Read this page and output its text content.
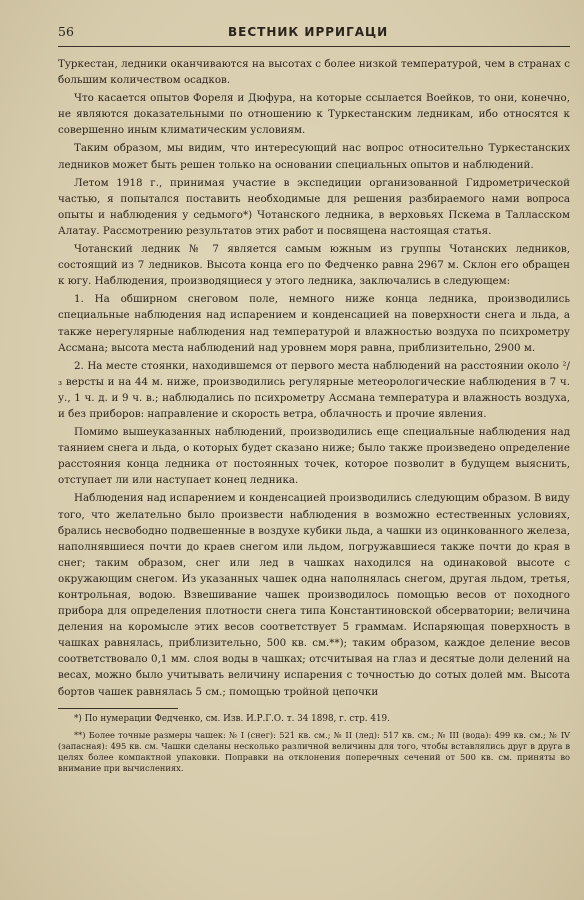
56	ВЕСТНИК ИРРИГАЦИ

Туркестан, ледники оканчиваются на высотах с более низкой температурой, чем в странах с большим количеством осадков.

Что касается опытов Фореля и Дюфура, на которые ссылается Воейков, то они, конечно, не являются доказательными по отношению к Туркестанским ледникам, ибо относятся к совершенно иным климатическим условиям.

Таким образом, мы видим, что интересующий нас вопрос относительно Туркестанских ледников может быть решен только на основании специальных опытов и наблюдений.

Летом 1918 г., принимая участие в экспедиции организованной Гидрометрической частью, я попытался поставить необходимые для решения разбираемого нами вопроса опыты и наблюдения у седьмого*) Чотанского ледника, в верховьях Пскема в Талласском Алатау. Рассмотрению результатов этих работ и посвящена настоящая статья.

Чотанский ледник № 7 является самым южным из группы Чотанских ледников, состоящий из 7 ледников. Высота конца его по Федченко равна 2967 м. Склон его обращен к югу. Наблюдения, производящиеся у этого ледника, заключались в следующем:

1. На обширном снеговом поле, немного ниже конца ледника, производились специальные наблюдения над испарением и конденсацией на поверхности снега и льда, а также нерегулярные наблюдения над температурой и влажностью воздуха по психрометру Ассмана; высота места наблюдений над уровнем моря равна, приблизительно, 2900 м.

2. На месте стоянки, находившемся от первого места наблюдений на расстоянии около ²/₃ версты и на 44 м. ниже, производились регулярные метеорологические наблюдения в 7 ч. у., 1 ч. д. и 9 ч. в.; наблюдались по психрометру Ассмана температура и влажность воздуха, и без приборов: направление и скорость ветра, облачность и прочие явления.

Помимо вышеуказанных наблюдений, производились еще специальные наблюдения над таянием снега и льда, о которых будет сказано ниже; было также произведено определение расстояния конца ледника от постоянных точек, которое позволит в будущем выяснить, отступает ли или наступает конец ледника.

Наблюдения над испарением и конденсацией производились следующим образом. В виду того, что желательно было произвести наблюдения в возможно естественных условиях, брались несвободно подвешенные в воздухе кубики льда, а чашки из оцинкованного железа, наполнявшиеся почти до краев снегом или льдом, погружавшиеся также почти до края в снег; таким образом, снег или лед в чашках находился на одинаковой высоте с окружающим снегом. Из указанных чашек одна наполнялась снегом, другая льдом, третья, контрольная, водою. Взвешивание чашек производилось помощью весов от походного прибора для определения плотности снега типа Константиновской обсерватории; величина деления на коромысле этих весов соответствует 5 граммам. Испаряющая поверхность в чашках равнялась, приблизительно, 500 кв. см.**); таким образом, каждое деление весов соответствовало 0,1 мм. слоя воды в чашках; отсчитывая на глаз и десятые доли делений на весах, можно было учитывать величину испарения с точностью до сотых долей мм. Высота бортов чашек равнялась 5 см.; помощью тройной цепочки

*) По нумерации Федченко, см. Изв. И.Р.Г.О. т. 34 1898, г. стр. 419.

**) Более точные размеры чашек: № I (снег): 521 кв. см.; № II (лед): 517 кв. см.; № III (вода): 499 кв. см.; № IV (запасная): 495 кв. см. Чашки сделаны несколько различной величины для того, чтобы вставлялись друг в друга в целях более компактной упаковки. Поправки на отклонения поперечных сечений от 500 кв. см. приняты во внимание при вычислениях.
